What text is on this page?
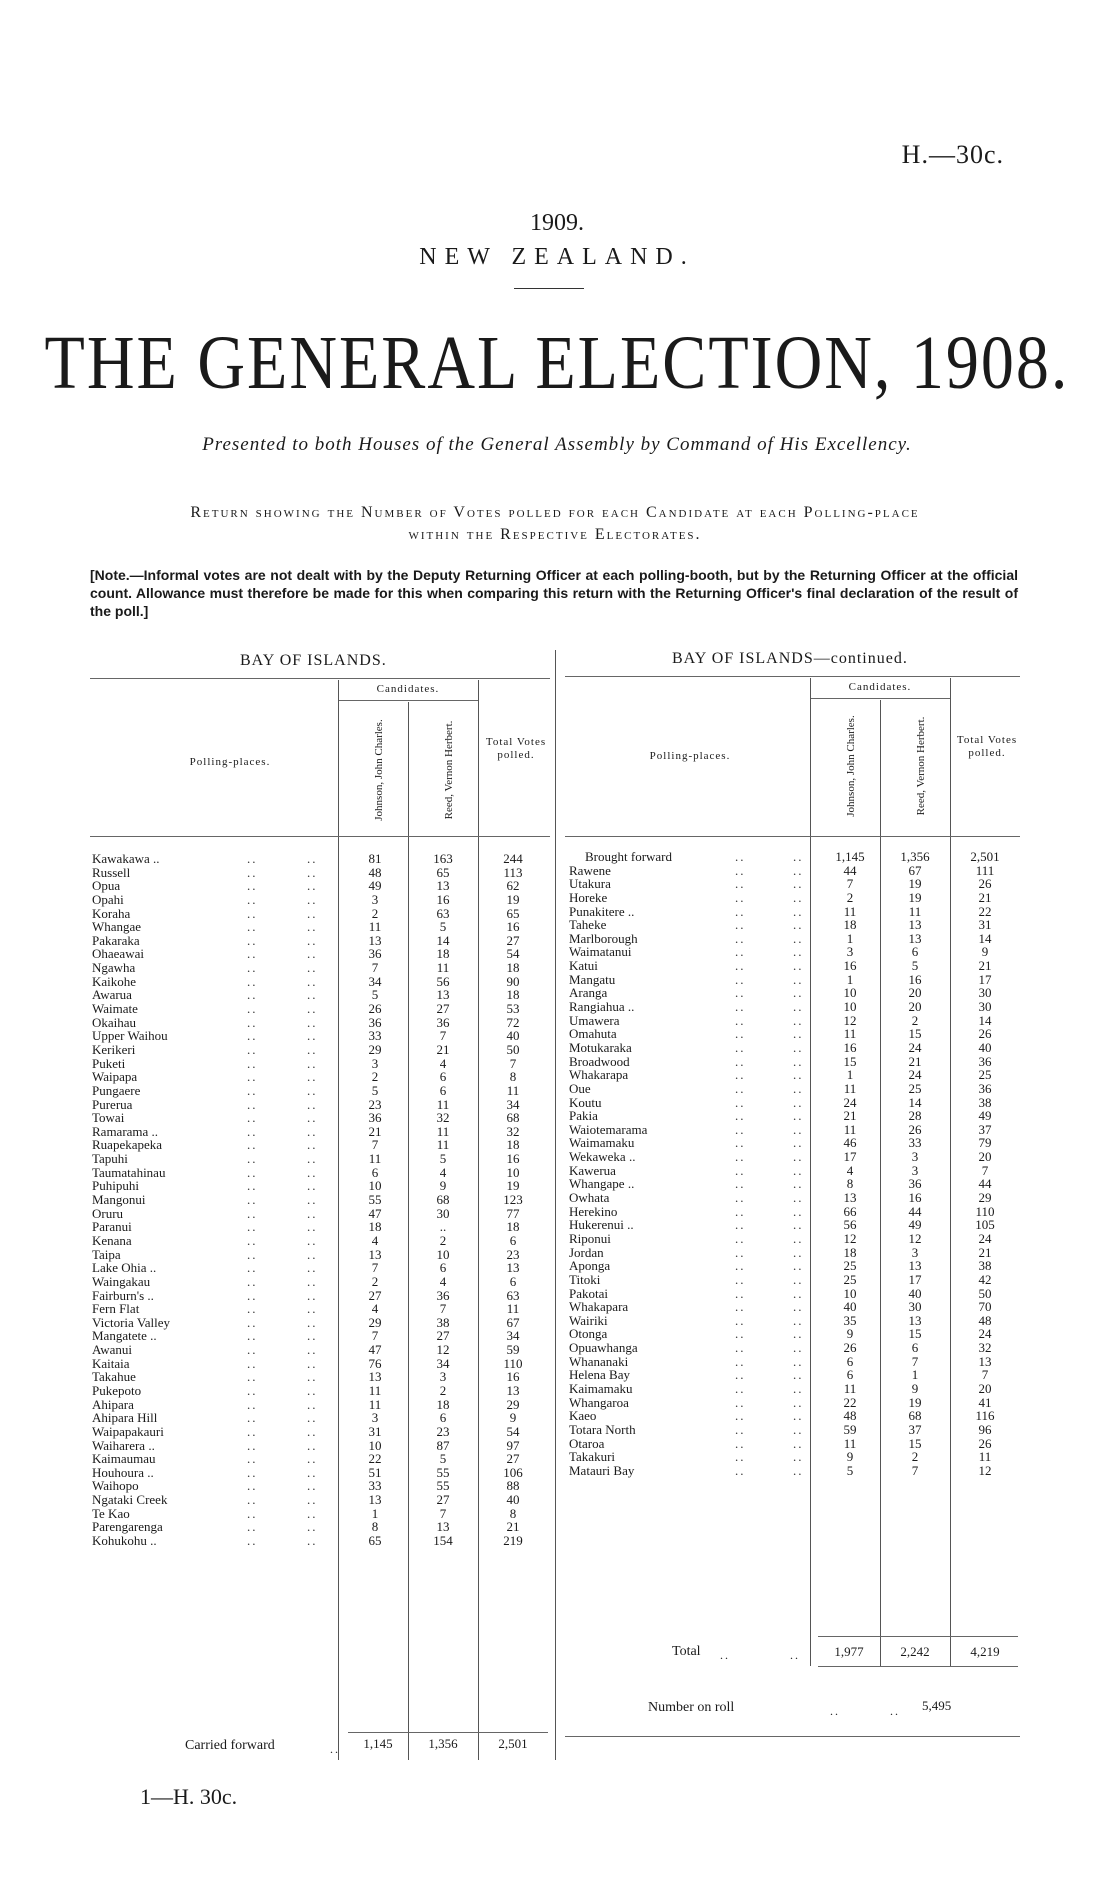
H.—30c.
1909.
NEW ZEALAND.
THE GENERAL ELECTION, 1908.
Presented to both Houses of the General Assembly by Command of His Excellency.
Return showing the Number of Votes polled for each Candidate at each Polling-place
within the Respective Electorates.
[Note.—Informal votes are not dealt with by the Deputy Returning Officer at each polling-booth, but by the Returning Officer at the official count. Allowance must therefore be made for this when comparing this return with the Returning Officer's final declaration of the result of the poll.]
BAY OF ISLANDS.
Candidates.
Polling-places.	Johnson, John Charles.	Reed, Vernon Herbert.	Total Votes polled.
Kawakawa ..	..	..	81	163	244
Russell	..	..	48	65	113
Opua	..	..	49	13	62
Opahi	..	..	3	16	19
Koraha	..	..	2	63	65
Whangae	..	..	11	5	16
Pakaraka	..	..	13	14	27
Ohaeawai	..	..	36	18	54
Ngawha	..	..	7	11	18
Kaikohe	..	..	34	56	90
Awarua	..	..	5	13	18
Waimate	..	..	26	27	53
Okaihau	..	..	36	36	72
Upper Waihou	..	..	33	7	40
Kerikeri	..	..	29	21	50
Puketi	..	..	3	4	7
Waipapa	..	..	2	6	8
Pungaere	..	..	5	6	11
Purerua	..	..	23	11	34
Towai	..	..	36	32	68
Ramarama ..	..	..	21	11	32
Ruapekapeka	..	..	7	11	18
Tapuhi	..	..	11	5	16
Taumatahinau	..	..	6	4	10
Puhipuhi	..	..	10	9	19
Mangonui	..	..	55	68	123
Oruru	..	..	47	30	77
Paranui	..	..	18	..	18
Kenana	..	..	4	2	6
Taipa	..	..	13	10	23
Lake Ohia ..	..	..	7	6	13
Waingakau	..	..	2	4	6
Fairburn's ..	..	..	27	36	63
Fern Flat	..	..	4	7	11
Victoria Valley	..	..	29	38	67
Mangatete ..	..	..	7	27	34
Awanui	..	..	47	12	59
Kaitaia	..	..	76	34	110
Takahue	..	..	13	3	16
Pukepoto	..	..	11	2	13
Ahipara	..	..	11	18	29
Ahipara Hill	..	..	3	6	9
Waipapakauri	..	..	31	23	54
Waiharera ..	..	..	10	87	97
Kaimaumau	..	..	22	5	27
Houhoura ..	..	..	51	55	106
Waihopo	..	..	33	55	88
Ngataki Creek	..	..	13	27	40
Te Kao	..	..	1	7	8
Parengarenga	..	..	8	13	21
Kohukohu ..	..	..	65	154	219
Carried forward	..	1,145	1,356	2,501
BAY OF ISLANDS—continued.
Candidates.
Polling-places.	Johnson, John Charles.	Reed, Vernon Herbert.	Total Votes polled.
Brought forward	..	..	1,145	1,356	2,501
Rawene	..	..	44	67	111
Utakura	..	..	7	19	26
Horeke	..	..	2	19	21
Punakitere ..	..	..	11	11	22
Taheke	..	..	18	13	31
Marlborough	..	..	1	13	14
Waimatanui	..	..	3	6	9
Katui	..	..	16	5	21
Mangatu	..	..	1	16	17
Aranga	..	..	10	20	30
Rangiahua ..	..	..	10	20	30
Umawera	..	..	12	2	14
Omahuta	..	..	11	15	26
Motukaraka	..	..	16	24	40
Broadwood	..	..	15	21	36
Whakarapa	..	..	1	24	25
Oue	..	..	11	25	36
Koutu	..	..	24	14	38
Pakia	..	..	21	28	49
Waiotemarama	..	..	11	26	37
Waimamaku	..	..	46	33	79
Wekaweka ..	..	..	17	3	20
Kawerua	..	..	4	3	7
Whangape ..	..	..	8	36	44
Owhata	..	..	13	16	29
Herekino	..	..	66	44	110
Hukerenui ..	..	..	56	49	105
Riponui	..	..	12	12	24
Jordan	..	..	18	3	21
Aponga	..	..	25	13	38
Titoki	..	..	25	17	42
Pakotai	..	..	10	40	50
Whakapara	..	..	40	30	70
Wairiki	..	..	35	13	48
Otonga	..	..	9	15	24
Opuawhanga	..	..	26	6	32
Whananaki	..	..	6	7	13
Helena Bay	..	..	6	1	7
Kaimamaku	..	..	11	9	20
Whangaroa	..	..	22	19	41
Kaeo	..	..	48	68	116
Totara North	..	..	59	37	96
Otaroa	..	..	11	15	26
Takakuri	..	..	9	2	11
Matauri Bay	..	..	5	7	12
Total ..	..	1,977	2,242	4,219
Number on roll	..	.. 5,495
1—H. 30c.
